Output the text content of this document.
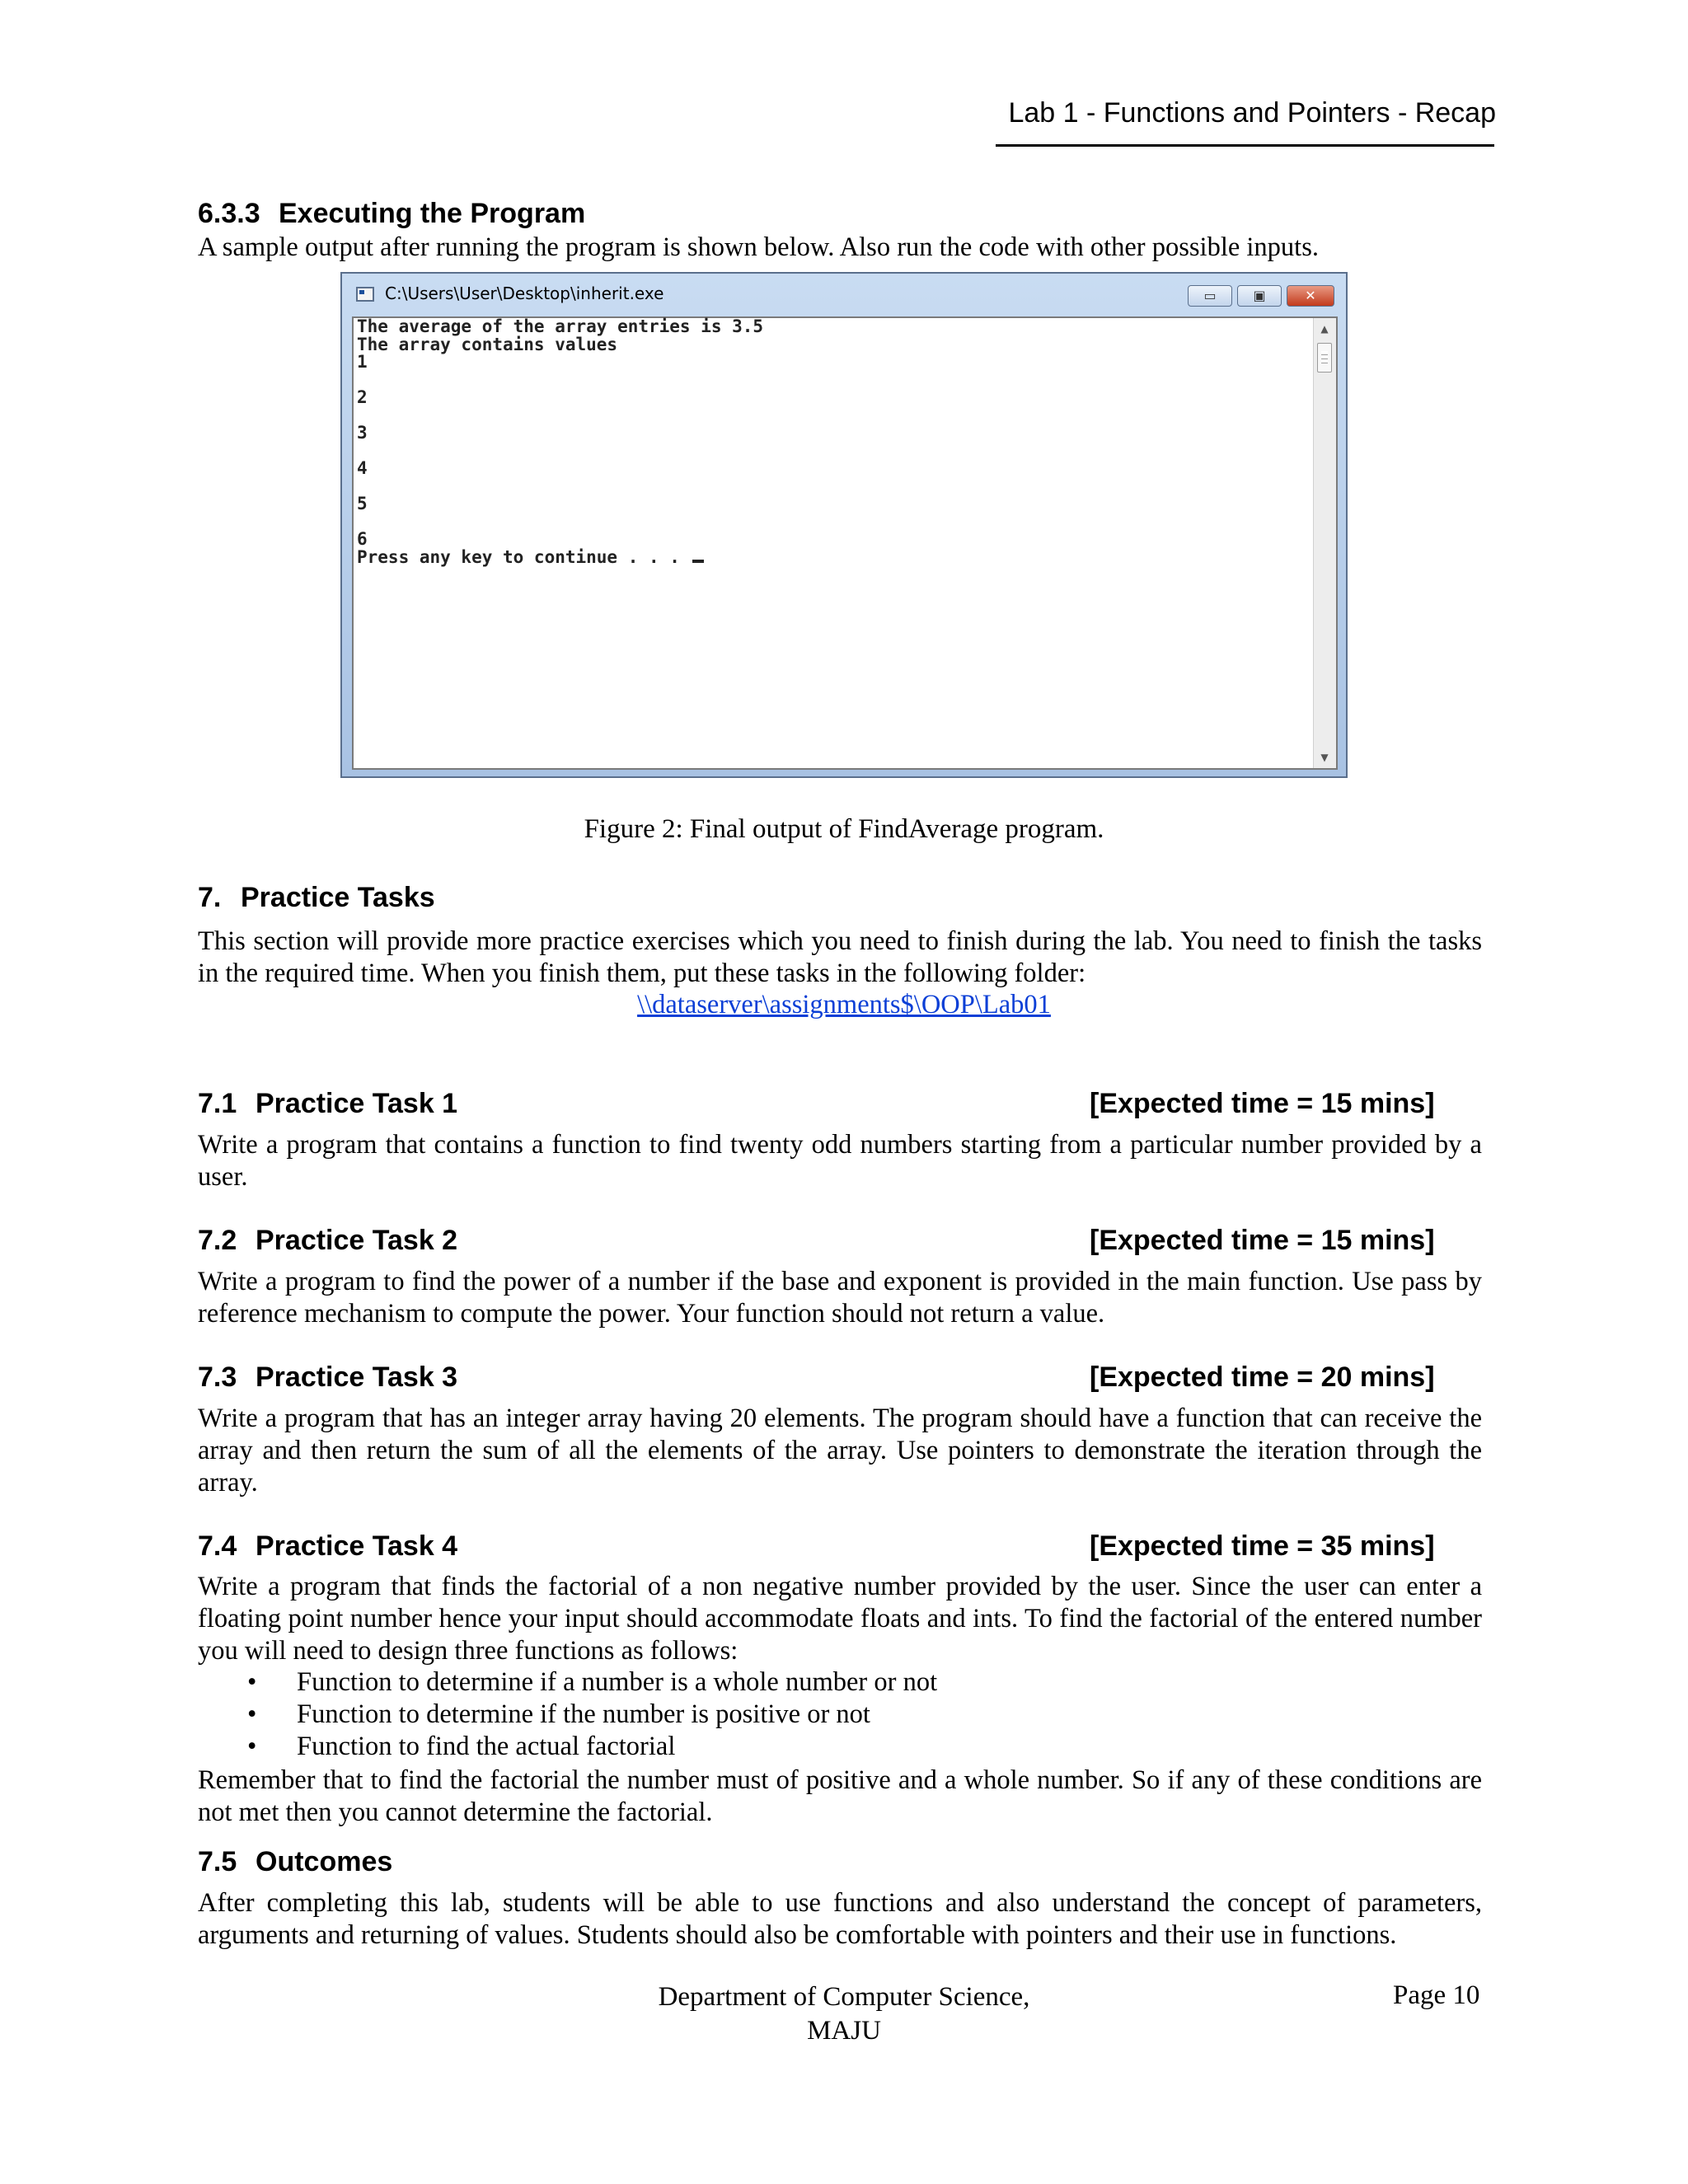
Lab 1 - Functions and Pointers - Recap
6.3.3 Executing the Program
A sample output after running the program is shown below. Also run the code with other possible inputs.
C:\Users\User\Desktop\inherit.exe	▭	▣	✕
The average of the array entries is 3.5
The array contains values
1

2

3

4

5

6
Press any key to continue . . .
▲
▼
Figure 2: Final output of FindAverage program.
7. Practice Tasks
This section will provide more practice exercises which you need to finish during the lab. You need to finish the tasks in the required time. When you finish them, put these tasks in the following folder:
\\dataserver\assignments$\OOP\Lab01
7.1 Practice Task 1	[Expected time = 15 mins]
Write a program that contains a function to find twenty odd numbers starting from a particular number provided by a user.
7.2 Practice Task 2	[Expected time = 15 mins]
Write a program to find the power of a number if the base and exponent is provided in the main function. Use pass by reference mechanism to compute the power. Your function should not return a value.
7.3 Practice Task 3	[Expected time = 20 mins]
Write a program that has an integer array having 20 elements. The program should have a function that can receive the array and then return the sum of all the elements of the array. Use pointers to demonstrate the iteration through the array.
7.4 Practice Task 4	[Expected time = 35 mins]
Write a program that finds the factorial of a non negative number provided by the user. Since the user can enter a floating point number hence your input should accommodate floats and ints. To find the factorial of the entered number you will need to design three functions as follows:
• Function to determine if a number is a whole number or not
• Function to determine if the number is positive or not
• Function to find the actual factorial
Remember that to find the factorial the number must of positive and a whole number. So if any of these conditions are not met then you cannot determine the factorial.
7.5 Outcomes
After completing this lab, students will be able to use functions and also understand the concept of parameters, arguments and returning of values. Students should also be comfortable with pointers and their use in functions.
Department of Computer Science,
MAJU
Page 10
